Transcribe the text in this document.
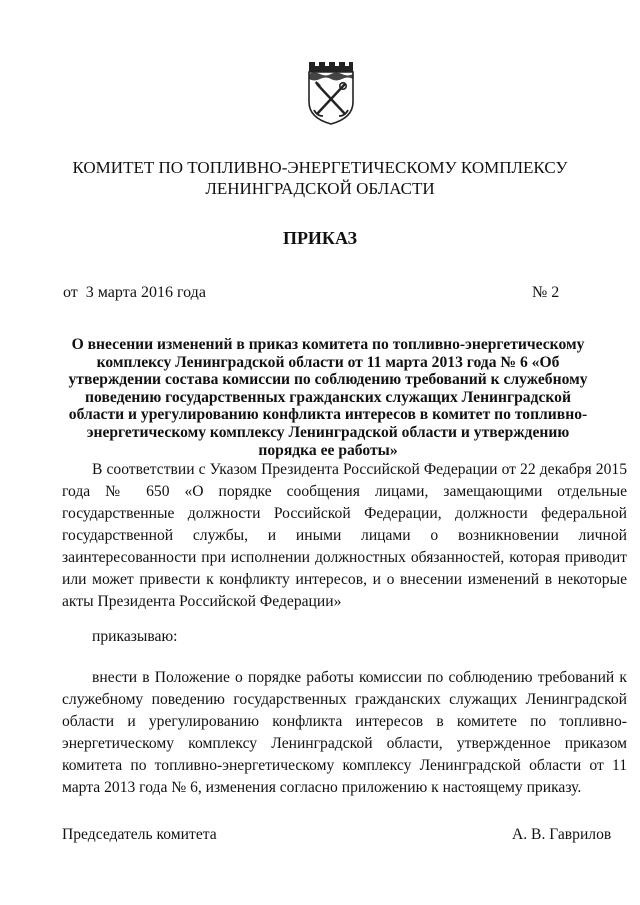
КОМИТЕТ ПО ТОПЛИВНО-ЭНЕРГЕТИЧЕСКОМУ КОМПЛЕКСУ
ЛЕНИНГРАДСКОЙ ОБЛАСТИ
ПРИКАЗ
от  3 марта 2016 года	№ 2
О внесении изменений в приказ комитета по топливно-энергетическому комплексу Ленинградской области от 11 марта 2013 года № 6 «Об утверждении состава комиссии по соблюдению требований к служебному поведению государственных гражданских служащих Ленинградской области и урегулированию конфликта интересов в комитет по топливно-энергетическому комплексу Ленинградской области и утверждению порядка ее работы»
В соответствии с Указом Президента Российской Федерации от 22 декабря 2015 года № 650 «О порядке сообщения лицами, замещающими отдельные государственные должности Российской Федерации, должности федеральной государственной службы, и иными лицами о возникновении личной заинтересованности при исполнении должностных обязанностей, которая приводит или может привести к конфликту интересов, и о внесении изменений в некоторые акты Президента Российской Федерации»
приказываю:
внести в Положение о порядке работы комиссии по соблюдению требований к служебному поведению государственных гражданских служащих Ленинградской области и урегулированию конфликта интересов в комитете по топливно-энергетическому комплексу Ленинградской области, утвержденное приказом комитета по топливно-энергетическому комплексу Ленинградской области от 11 марта 2013 года № 6, изменения согласно приложению к настоящему приказу.
Председатель комитета	А. В. Гаврилов
